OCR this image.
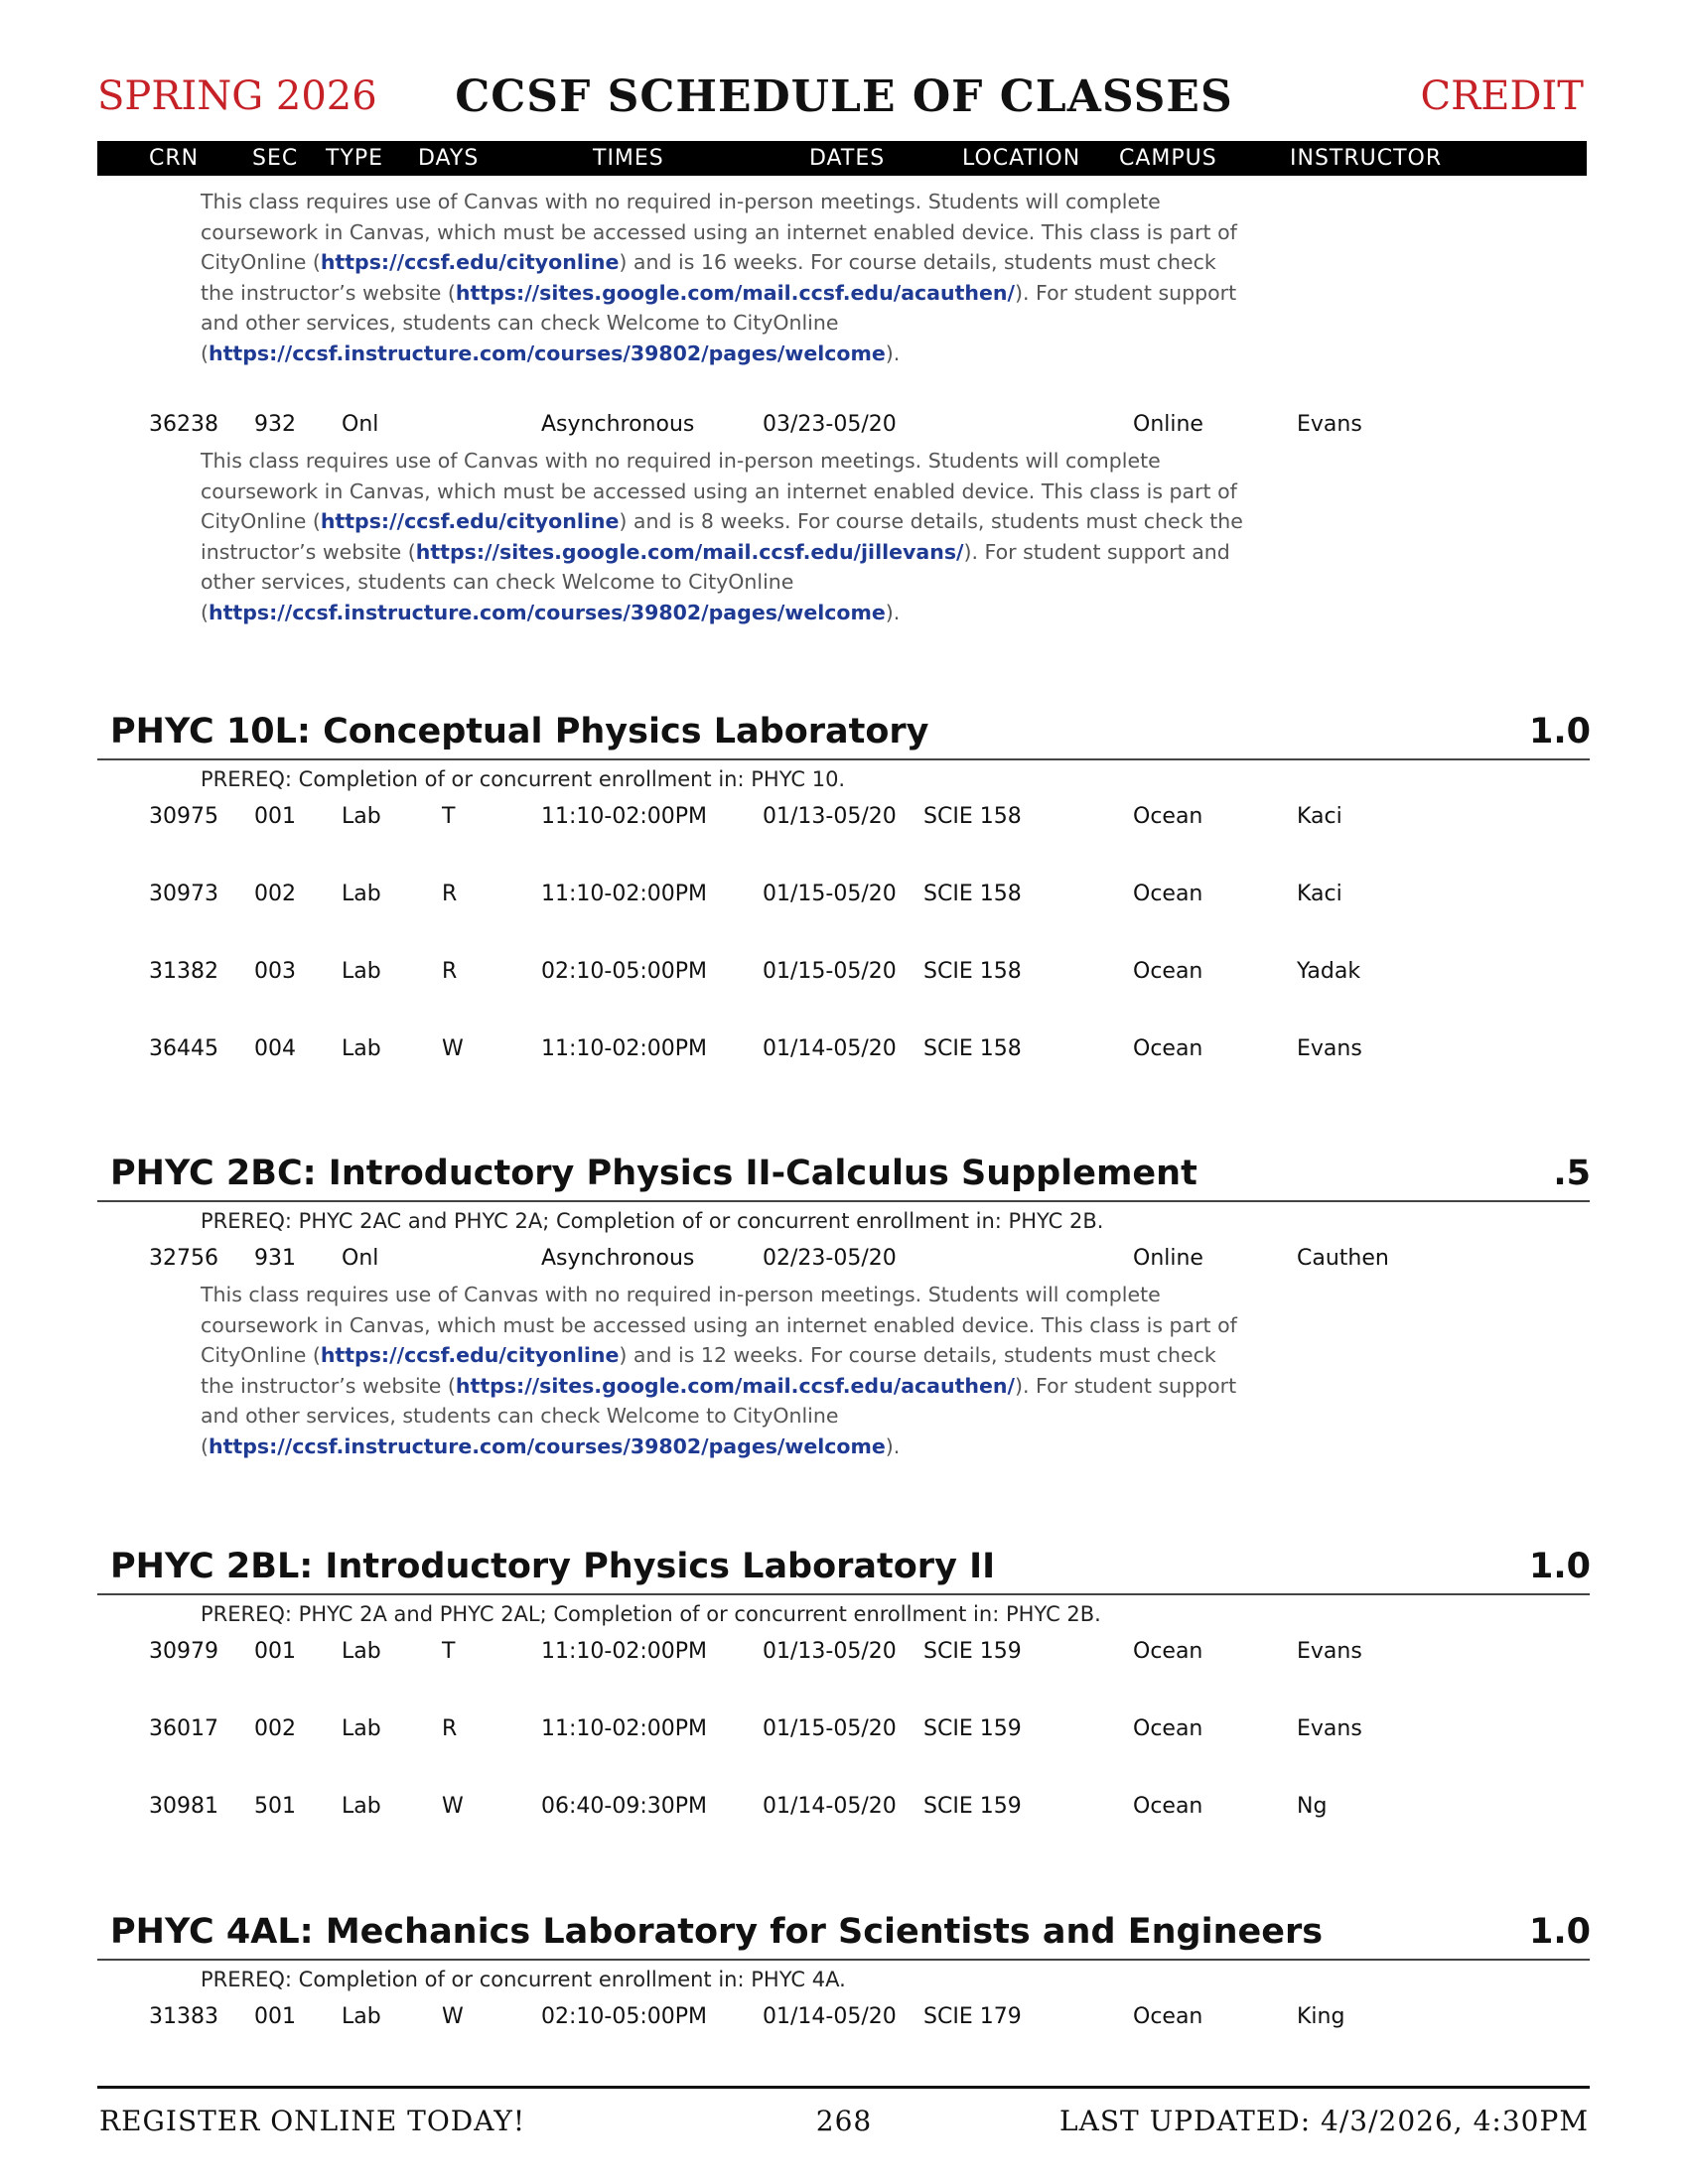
SPRING 2026	CCSF SCHEDULE OF CLASSES	CREDIT
CRN SEC TYPE DAYS	TIMES	DATES	LOCATION CAMPUS	INSTRUCTOR
This class requires use of Canvas with no required in-person meetings. Students will complete coursework in Canvas, which must be accessed using an internet enabled device. This class is part of CityOnline (https://ccsf.edu/cityonline) and is 16 weeks. For course details, students must check the instructor’s website (https://sites.google.com/mail.ccsf.edu/acauthen/). For student support and other services, students can check Welcome to CityOnline (https://ccsf.instructure.com/courses/39802/pages/welcome).
36238 932 Onl	Asynchronous	03/23-05/20	Online	Evans
This class requires use of Canvas with no required in-person meetings. Students will complete coursework in Canvas, which must be accessed using an internet enabled device. This class is part of CityOnline (https://ccsf.edu/cityonline) and is 8 weeks. For course details, students must check the instructor’s website (https://sites.google.com/mail.ccsf.edu/jillevans/). For student support and other services, students can check Welcome to CityOnline (https://ccsf.instructure.com/courses/39802/pages/welcome).
PHYC 10L: Conceptual Physics Laboratory	1.0
PREREQ: Completion of or concurrent enrollment in: PHYC 10.
30975 001 Lab	T	11:10-02:00PM	01/13-05/20 SCIE 158	Ocean	Kaci
30973 002 Lab	R	11:10-02:00PM	01/15-05/20 SCIE 158	Ocean	Kaci
31382 003 Lab	R	02:10-05:00PM	01/15-05/20 SCIE 158	Ocean	Yadak
36445 004 Lab	W	11:10-02:00PM	01/14-05/20 SCIE 158	Ocean	Evans
PHYC 2BC: Introductory Physics II-Calculus Supplement	.5
PREREQ: PHYC 2AC and PHYC 2A; Completion of or concurrent enrollment in: PHYC 2B.
32756 931 Onl	Asynchronous	02/23-05/20	Online	Cauthen
This class requires use of Canvas with no required in-person meetings. Students will complete coursework in Canvas, which must be accessed using an internet enabled device. This class is part of CityOnline (https://ccsf.edu/cityonline) and is 12 weeks. For course details, students must check the instructor’s website (https://sites.google.com/mail.ccsf.edu/acauthen/). For student support and other services, students can check Welcome to CityOnline (https://ccsf.instructure.com/courses/39802/pages/welcome).
PHYC 2BL: Introductory Physics Laboratory II	1.0
PREREQ: PHYC 2A and PHYC 2AL; Completion of or concurrent enrollment in: PHYC 2B.
30979 001 Lab	T	11:10-02:00PM	01/13-05/20 SCIE 159	Ocean	Evans
36017 002 Lab	R	11:10-02:00PM	01/15-05/20 SCIE 159	Ocean	Evans
30981 501 Lab	W	06:40-09:30PM	01/14-05/20 SCIE 159	Ocean	Ng
PHYC 4AL: Mechanics Laboratory for Scientists and Engineers	1.0
PREREQ: Completion of or concurrent enrollment in: PHYC 4A.
31383 001 Lab	W	02:10-05:00PM	01/14-05/20 SCIE 179	Ocean	King
REGISTER ONLINE TODAY!	268	LAST UPDATED: 4/3/2026, 4:30PM
